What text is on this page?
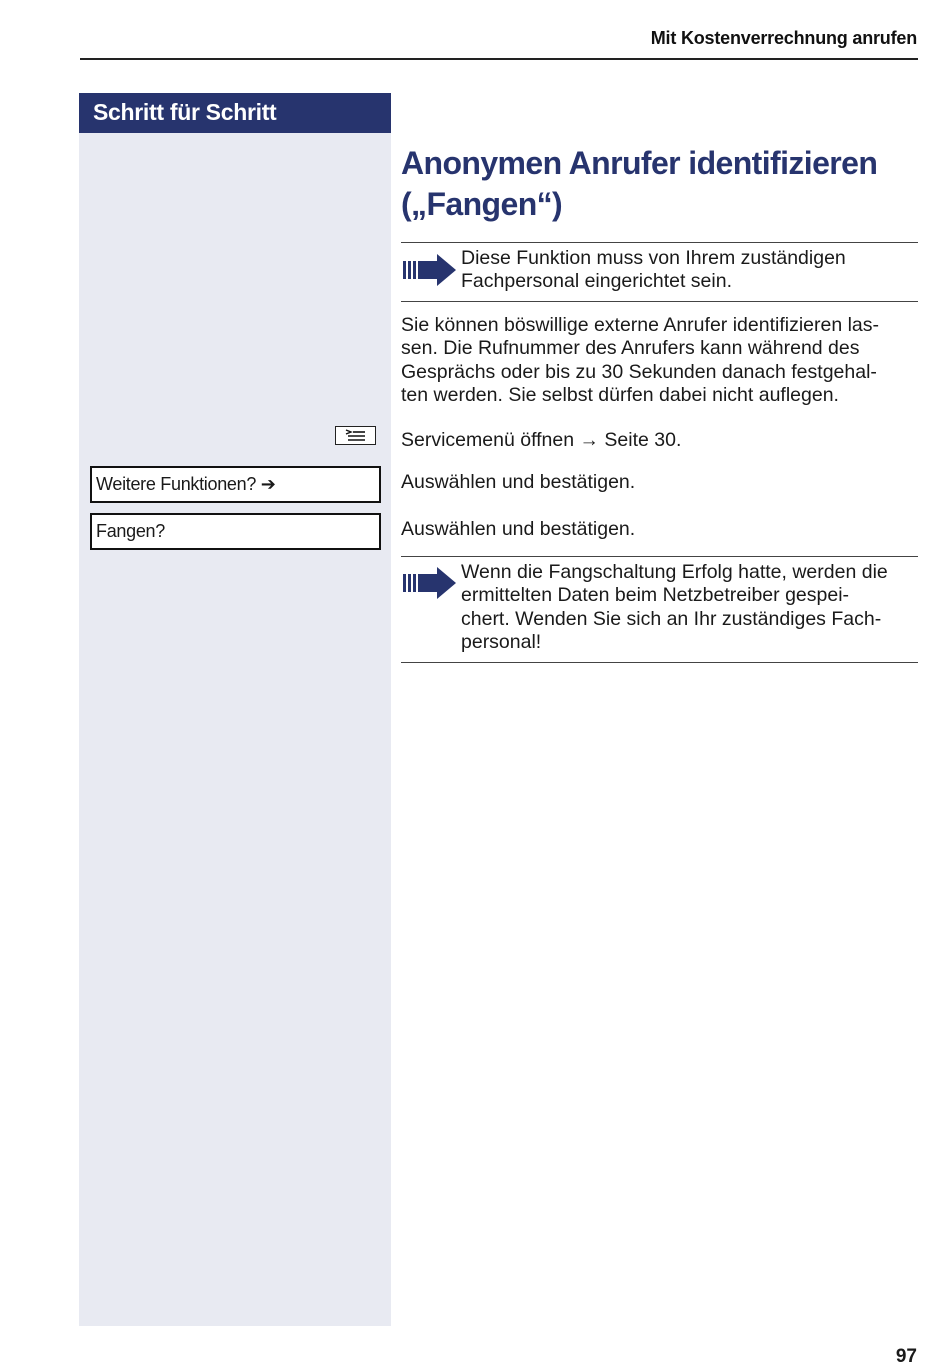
Mit Kostenverrechnung anrufen
Schritt für Schritt
Weitere Funktionen? ➔
Fangen?
Anonymen Anrufer identifizieren
(„Fangen“)
Diese Funktion muss von Ihrem zuständigen
Fachpersonal eingerichtet sein.
Sie können böswillige externe Anrufer identifizieren las-
sen. Die Rufnummer des Anrufers kann während des
Gesprächs oder bis zu 30 Sekunden danach festgehal-
ten werden. Sie selbst dürfen dabei nicht auflegen.
Servicemenü öffnen → Seite 30.
Auswählen und bestätigen.
Auswählen und bestätigen.
Wenn die Fangschaltung Erfolg hatte, werden die
ermittelten Daten beim Netzbetreiber gespei-
chert. Wenden Sie sich an Ihr zuständiges Fach-
personal!
97
